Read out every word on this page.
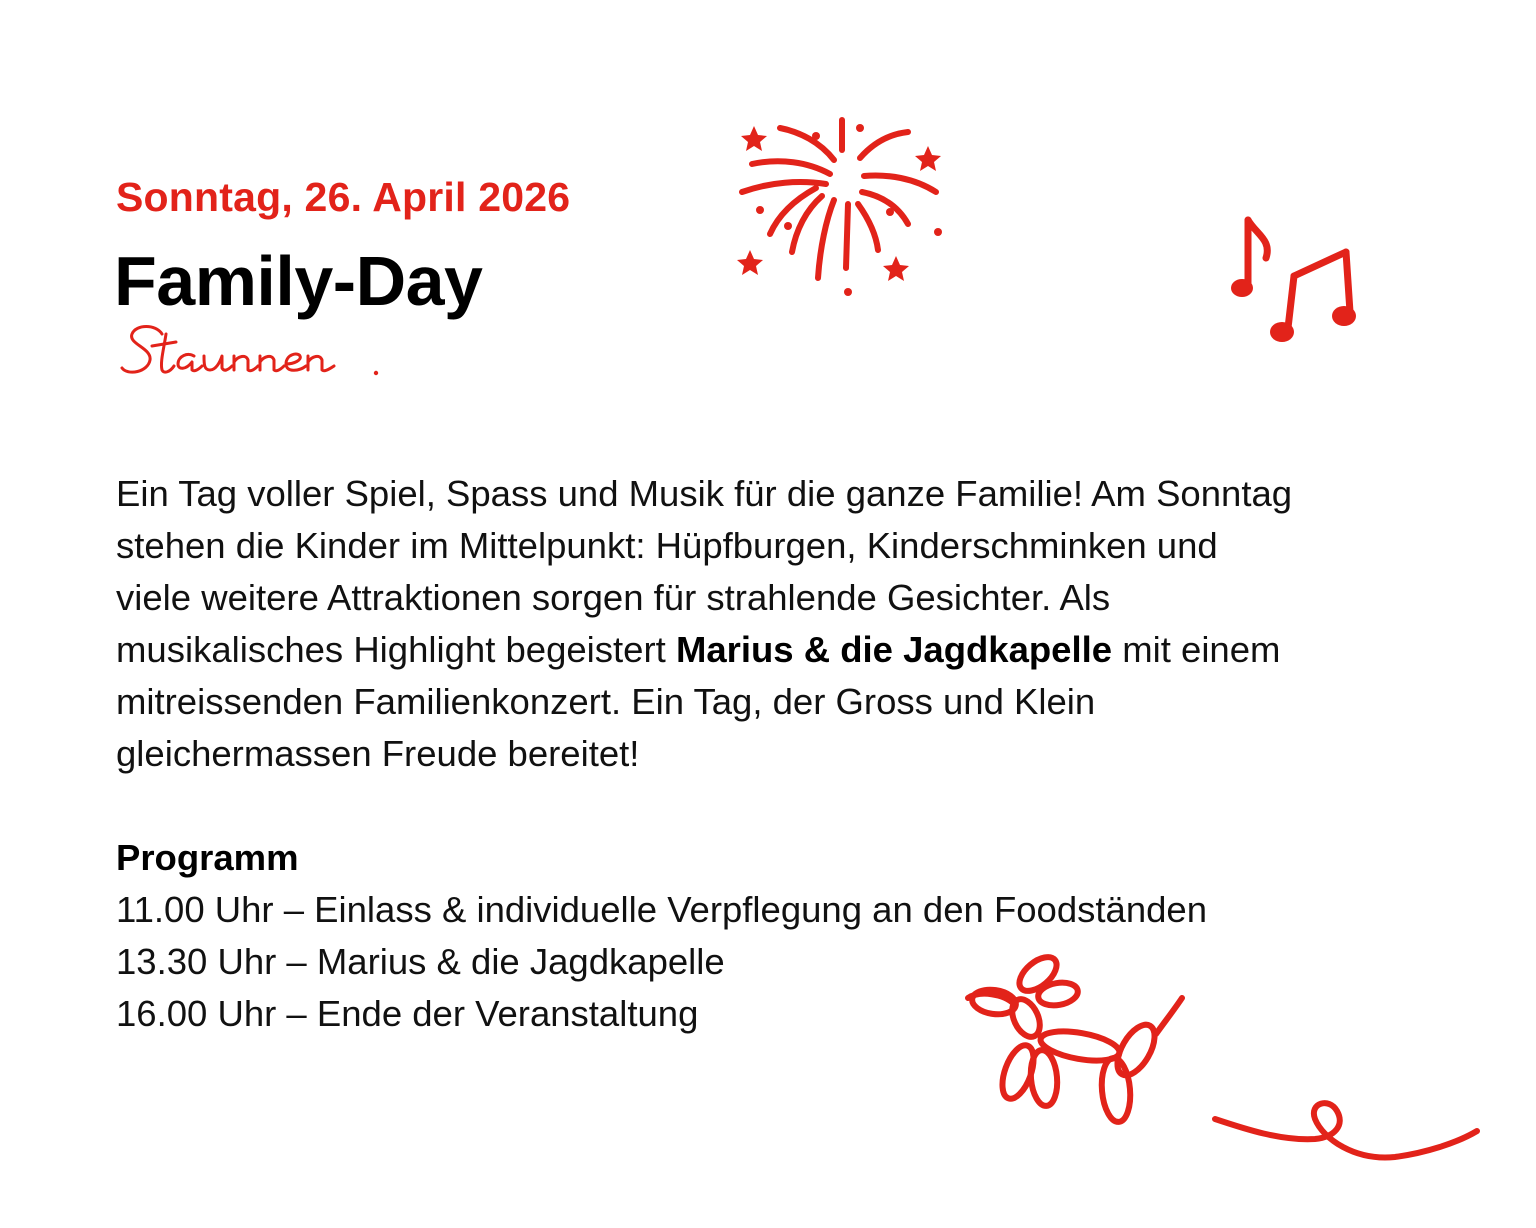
Sonntag, 26. April 2026
Family-Day
Ein Tag voller Spiel, Spass und Musik für die ganze Familie! Am Sonntag stehen die Kinder im Mittelpunkt: Hüpfburgen, Kinderschminken und viele weitere Attraktionen sorgen für strahlende Gesichter. Als musikalisches Highlight begeistert Marius & die Jagdkapelle mit einem mitreissenden Familienkonzert. Ein Tag, der Gross und Klein gleichermassen Freude bereitet!
Programm
11.00 Uhr – Einlass & individuelle Verpflegung an den Foodständen
13.30 Uhr – Marius & die Jagdkapelle
16.00 Uhr – Ende der Veranstaltung
